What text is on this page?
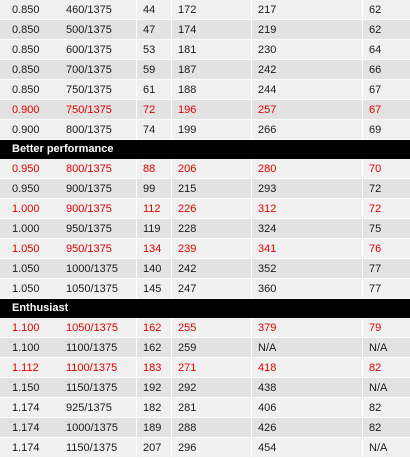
0.850	460/1375	44	172	217	62
0.850	500/1375	47	174	219	62
0.850	600/1375	53	181	230	64
0.850	700/1375	59	187	242	66
0.850	750/1375	61	188	244	67
0.900	750/1375	72	196	257	67
0.900	800/1375	74	199	266	69
Better performance
0.950	800/1375	88	206	280	70
0.950	900/1375	99	215	293	72
1.000	900/1375	112	226	312	72
1.000	950/1375	119	228	324	75
1.050	950/1375	134	239	341	76
1.050	1000/1375	140	242	352	77
1.050	1050/1375	145	247	360	77
Enthusiast
1.100	1050/1375	162	255	379	79
1.100	1100/1375	162	259	N/A	N/A
1.112	1100/1375	183	271	418	82
1.150	1150/1375	192	292	438	N/A
1.174	925/1375	182	281	406	82
1.174	1000/1375	189	288	426	82
1.174	1150/1375	207	296	454	N/A
